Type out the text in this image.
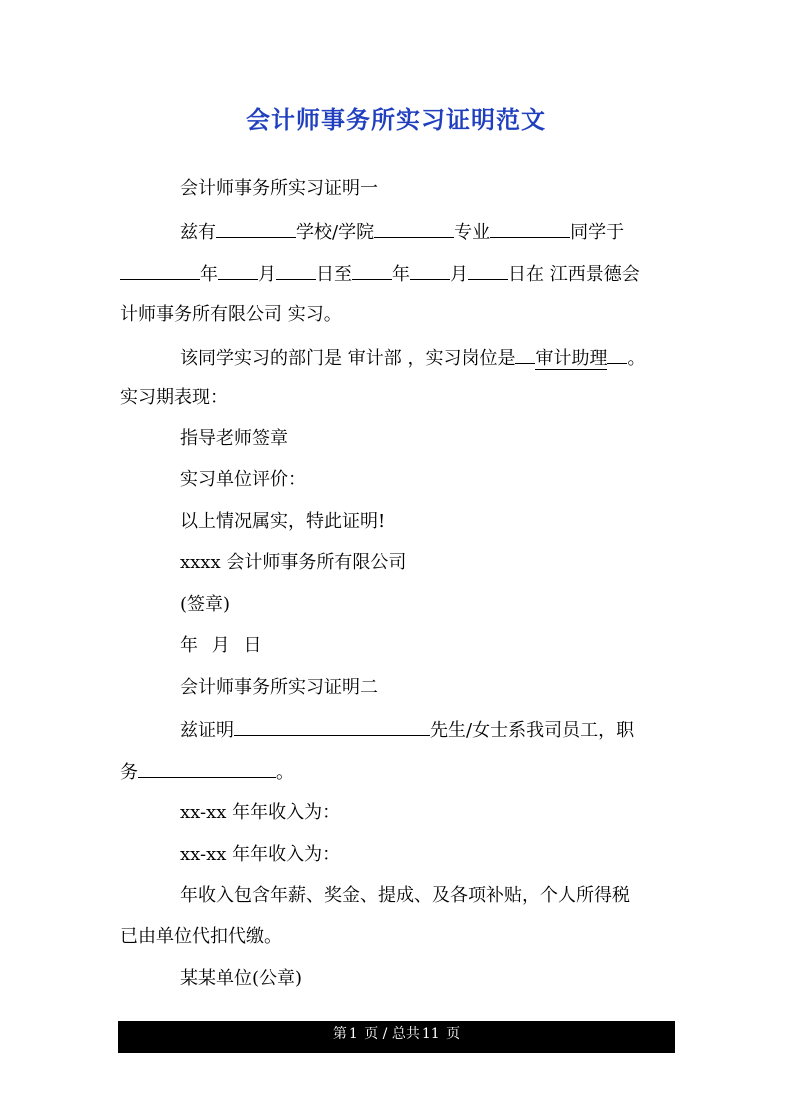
会计师事务所实习证明范文
会计师事务所实习证明一
兹有	学校/学院	专业	同学于
年 月 日至 年 月 日在 江西景德会
计师事务所有限公司 实习。
该同学实习的部门是 审计部 ，实习岗位是 审计助理 。
实习期表现：
指导老师签章
实习单位评价：
以上情况属实，特此证明!
xxxx 会计师事务所有限公司
(签章)
年 月 日
会计师事务所实习证明二
兹证明	先生/女士系我司员工，职
务	。
xx-xx 年年收入为：
xx-xx 年年收入为：
年收入包含年薪、奖金、提成、及各项补贴，个人所得税
已由单位代扣代缴。
某某单位(公章)
第 1 页 / 总共 11 页
